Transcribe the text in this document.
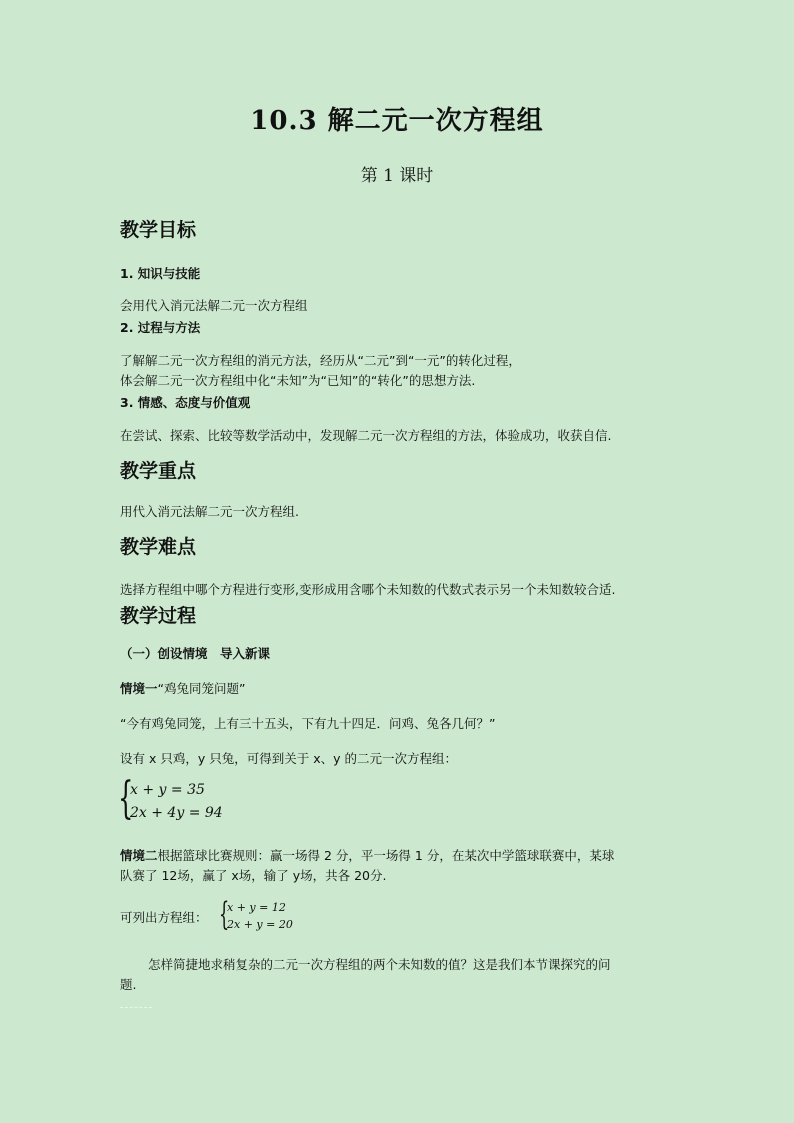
10.3 解二元一次方程组
第 1 课时
教学目标
1. 知识与技能
会用代入消元法解二元一次方程组
2. 过程与方法
了解解二元一次方程组的消元方法，经历从“二元”到“一元”的转化过程，
体会解二元一次方程组中化“未知”为“已知”的“转化”的思想方法.
3. 情感、态度与价值观
在尝试、探索、比较等数学活动中，发现解二元一次方程组的方法，体验成功，收获自信.
教学重点
用代入消元法解二元一次方程组.
教学难点
选择方程组中哪个方程进行变形,变形成用含哪个未知数的代数式表示另一个未知数较合适.
教学过程
（一）创设情境　导入新课
情境一“鸡兔同笼问题”
“今有鸡兔同笼，上有三十五头，下有九十四足．问鸡、兔各几何？”
设有 x 只鸡，y 只兔，可得到关于 x、y 的二元一次方程组：
{
x + y = 35
2x + 4y = 94
情境二根据篮球比赛规则：赢一场得 2 分，平一场得 1 分，在某次中学篮球联赛中，某球
队赛了 12场，赢了 x场，输了 y场，共各 20分.
可列出方程组： {
x + y = 12
2x + y = 20
怎样简捷地求稍复杂的二元一次方程组的两个未知数的值？这是我们本节课探究的问
题.
